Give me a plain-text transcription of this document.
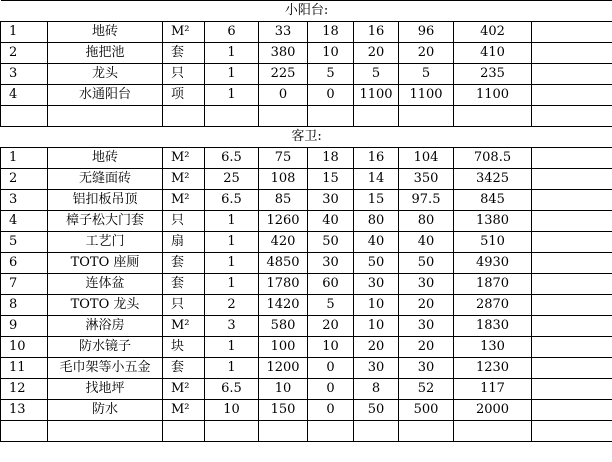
小阳台:									
1	地砖	M²	6	33	18	16	96	402	
2	拖把池	套	1	380	10	20	20	410	
3	龙头	只	1	225	5	5	5	235	
4	水通阳台	项	1	0	0	1100	1100	1100	

客卫:									
1	地砖	M²	6.5	75	18	16	104	708.5	
2	无缝面砖	M²	25	108	15	14	350	3425	
3	铝扣板吊顶	M²	6.5	85	30	15	97.5	845	
4	樟子松大门套	只	1	1260	40	80	80	1380	
5	工艺门	扇	1	420	50	40	40	510	
6	TOTO 座厕	套	1	4850	30	50	50	4930	
7	连体盆	套	1	1780	60	30	30	1870	
8	TOTO 龙头	只	2	1420	5	10	20	2870	
9	淋浴房	M²	3	580	20	10	30	1830	
10	防水镜子	块	1	100	10	20	20	130	
11	毛巾架等小五金	套	1	1200	0	30	30	1230	
12	找地坪	M²	6.5	10	0	8	52	117	
13	防水	M²	10	150	0	50	500	2000	
